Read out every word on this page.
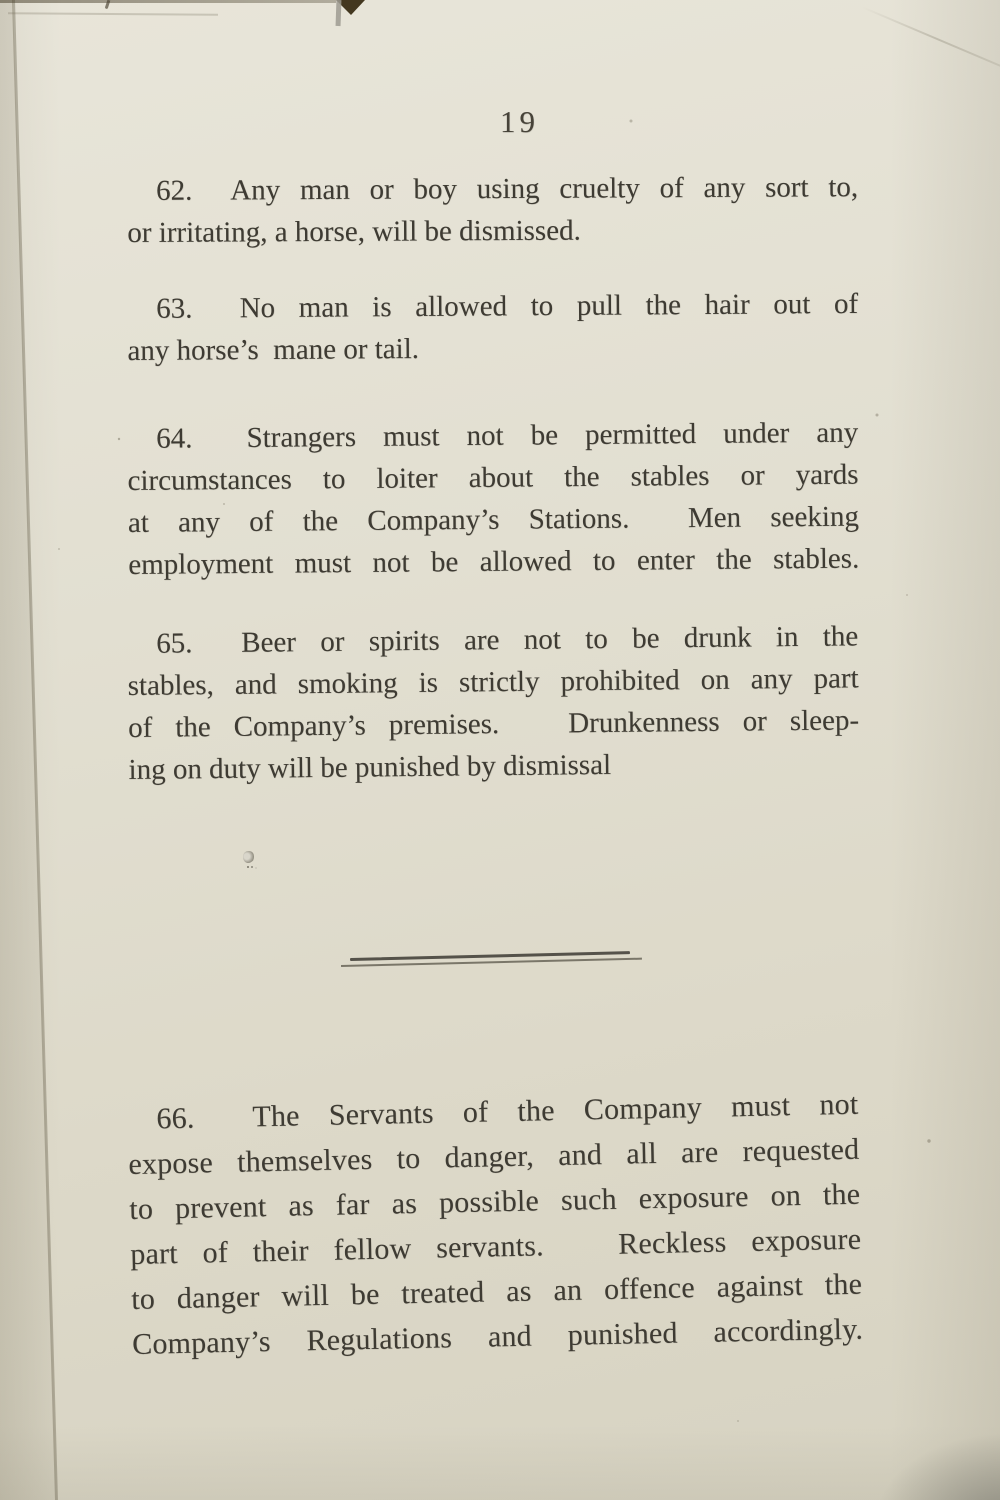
19
62.  Any man or boy using cruelty of any sort to,
or irritating, a horse, will be dismissed.
63.  No man is allowed to pull the hair out of
any horse’s  mane or tail.
64.  Strangers must not be permitted under any
circumstances to loiter about the stables or yards
at any of the Company’s Stations.  Men seeking
employment must not be allowed to enter the stables.
65.  Beer or spirits are not to be drunk in the
stables, and smoking is strictly prohibited on any part
of the Company’s premises.   Drunkenness or sleep-
ing on duty will be punished by dismissal
66.  The Servants of the Company must not
expose themselves to danger, and all are requested
to prevent as far as possible such exposure on the
part of their fellow servants.   Reckless exposure
to danger will be treated as an offence against the
Company’s Regulations and punished accordingly.
